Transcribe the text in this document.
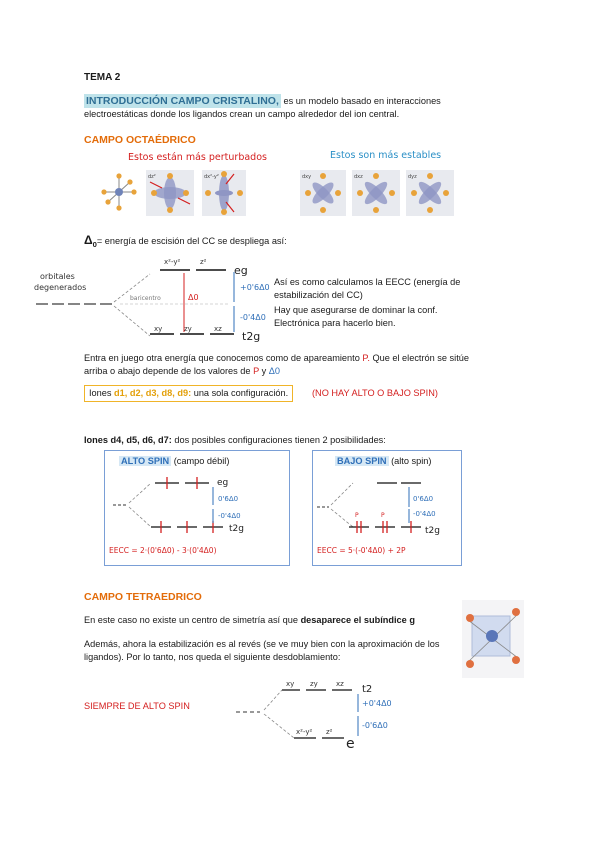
TEMA 2
INTRODUCCIÓN CAMPO CRISTALINO, es un modelo basado en interacciones
electroestáticas donde los ligandos crean un campo alrededor del ion central.
CAMPO OCTAÉDRICO
Estos están más perturbados	Estos son más estables
dz²	dx²-y²	dxy	dxz	dyz
$\Delta_0=$ energía de escisión del CC se despliega así:
orbitales
degenerados
baricentro
x²-y²	z²
eg
xy	zy	xz
t2g
Δ0
+0'6Δ0
-0'4Δ0
Así es como calculamos la EECC (energía de estabilización del CC)
Hay que asegurarse de dominar la conf. Electrónica para hacerlo bien.
Entra en juego otra energía que conocemos como de apareamiento P. Que el electrón se sitúe
arriba o abajo depende de los valores de P y Δ0
Iones d1, d2, d3, d8, d9: una sola configuración.	(NO HAY ALTO O BAJO SPIN)
Iones d4, d5, d6, d7: dos posibles configuraciones tienen 2 posibilidades:
ALTO SPIN (campo débil)
eg
t2g
0'6Δ0
-0'4Δ0
EECC = 2·(0'6Δ0) - 3·(0'4Δ0)
BAJO SPIN (alto spin)
P	P
0'6Δ0
-0'4Δ0
t2g
EECC = 5·(-0'4Δ0) + 2P
CAMPO TETRAEDRICO
En este caso no existe un centro de simetría así que desaparece el subíndice g
Además, ahora la estabilización es al revés (se ve muy bien con la aproximación de los ligandos). Por lo tanto, nos queda el siguiente desdoblamiento:
SIEMPRE DE ALTO SPIN
xy zy	xz t2
x²-y² z²
e
+0'4Δ0
-0'6Δ0
